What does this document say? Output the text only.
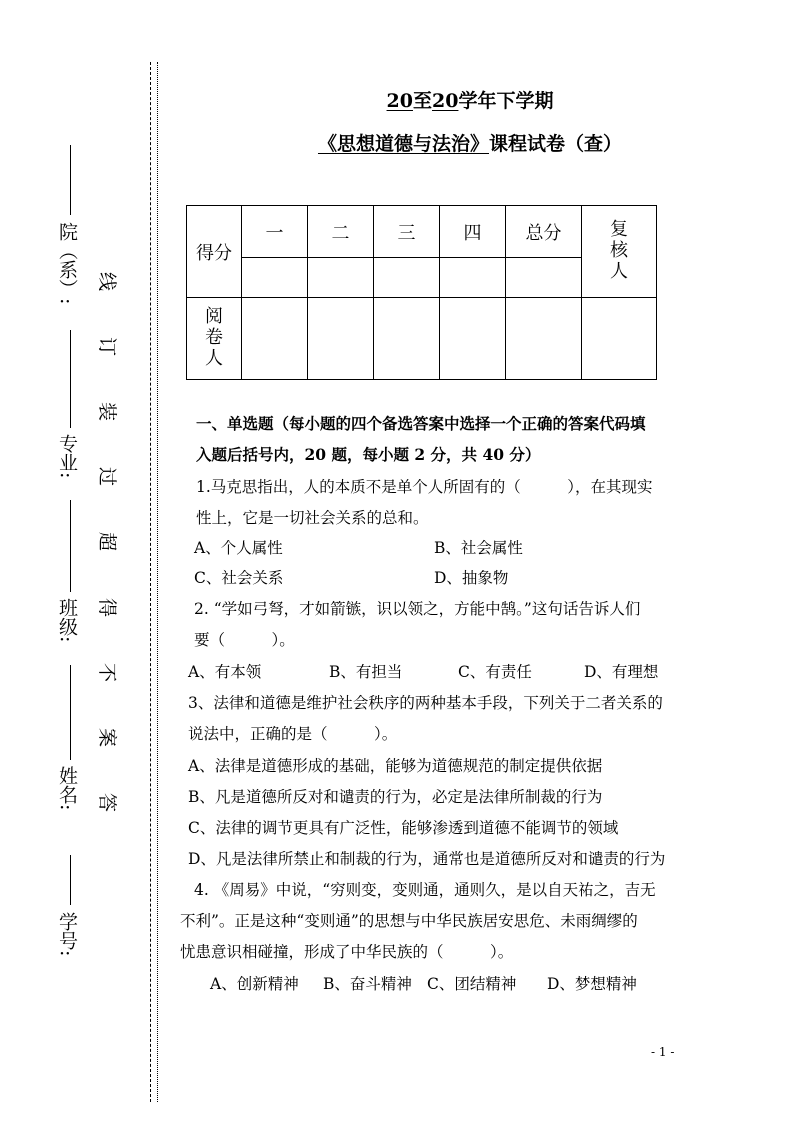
学号:
姓名:
班级:
专业:
院（系）:
答
案
不
得
超
过
装
订
线
20至20学年下学期
《思想道德与法治》课程试卷（查）
得分	一	二	三	四	总分	复核人

阅卷人						
一、单选题（每小题的四个备选答案中选择一个正确的答案代码填
入题后括号内，20 题，每小题 2 分，共 40 分）
1.马克思指出，人的本质不是单个人所固有的（　　　），在其现实
性上，它是一切社会关系的总和。
A、个人属性	B、社会属性
C、社会关系	D、抽象物
2. “学如弓弩，才如箭镞，识以领之，方能中鹄。”这句话告诉人们
要（　　　）。
A、有本领	B、有担当	C、有责任	D、有理想
3、法律和道德是维护社会秩序的两种基本手段，下列关于二者关系的
说法中，正确的是（　　　）。
A、法律是道德形成的基础，能够为道德规范的制定提供依据
B、凡是道德所反对和谴责的行为，必定是法律所制裁的行为
C、法律的调节更具有广泛性，能够渗透到道德不能调节的领域
D、凡是法律所禁止和制裁的行为，通常也是道德所反对和谴责的行为
4. 《周易》中说，“穷则变，变则通，通则久，是以自天祐之，吉无
不利”。正是这种“变则通”的思想与中华民族居安思危、未雨绸缪的
忧患意识相碰撞，形成了中华民族的（　　　）。
A、创新精神 B、奋斗精神 C、团结精神 D、梦想精神
- 1 -
